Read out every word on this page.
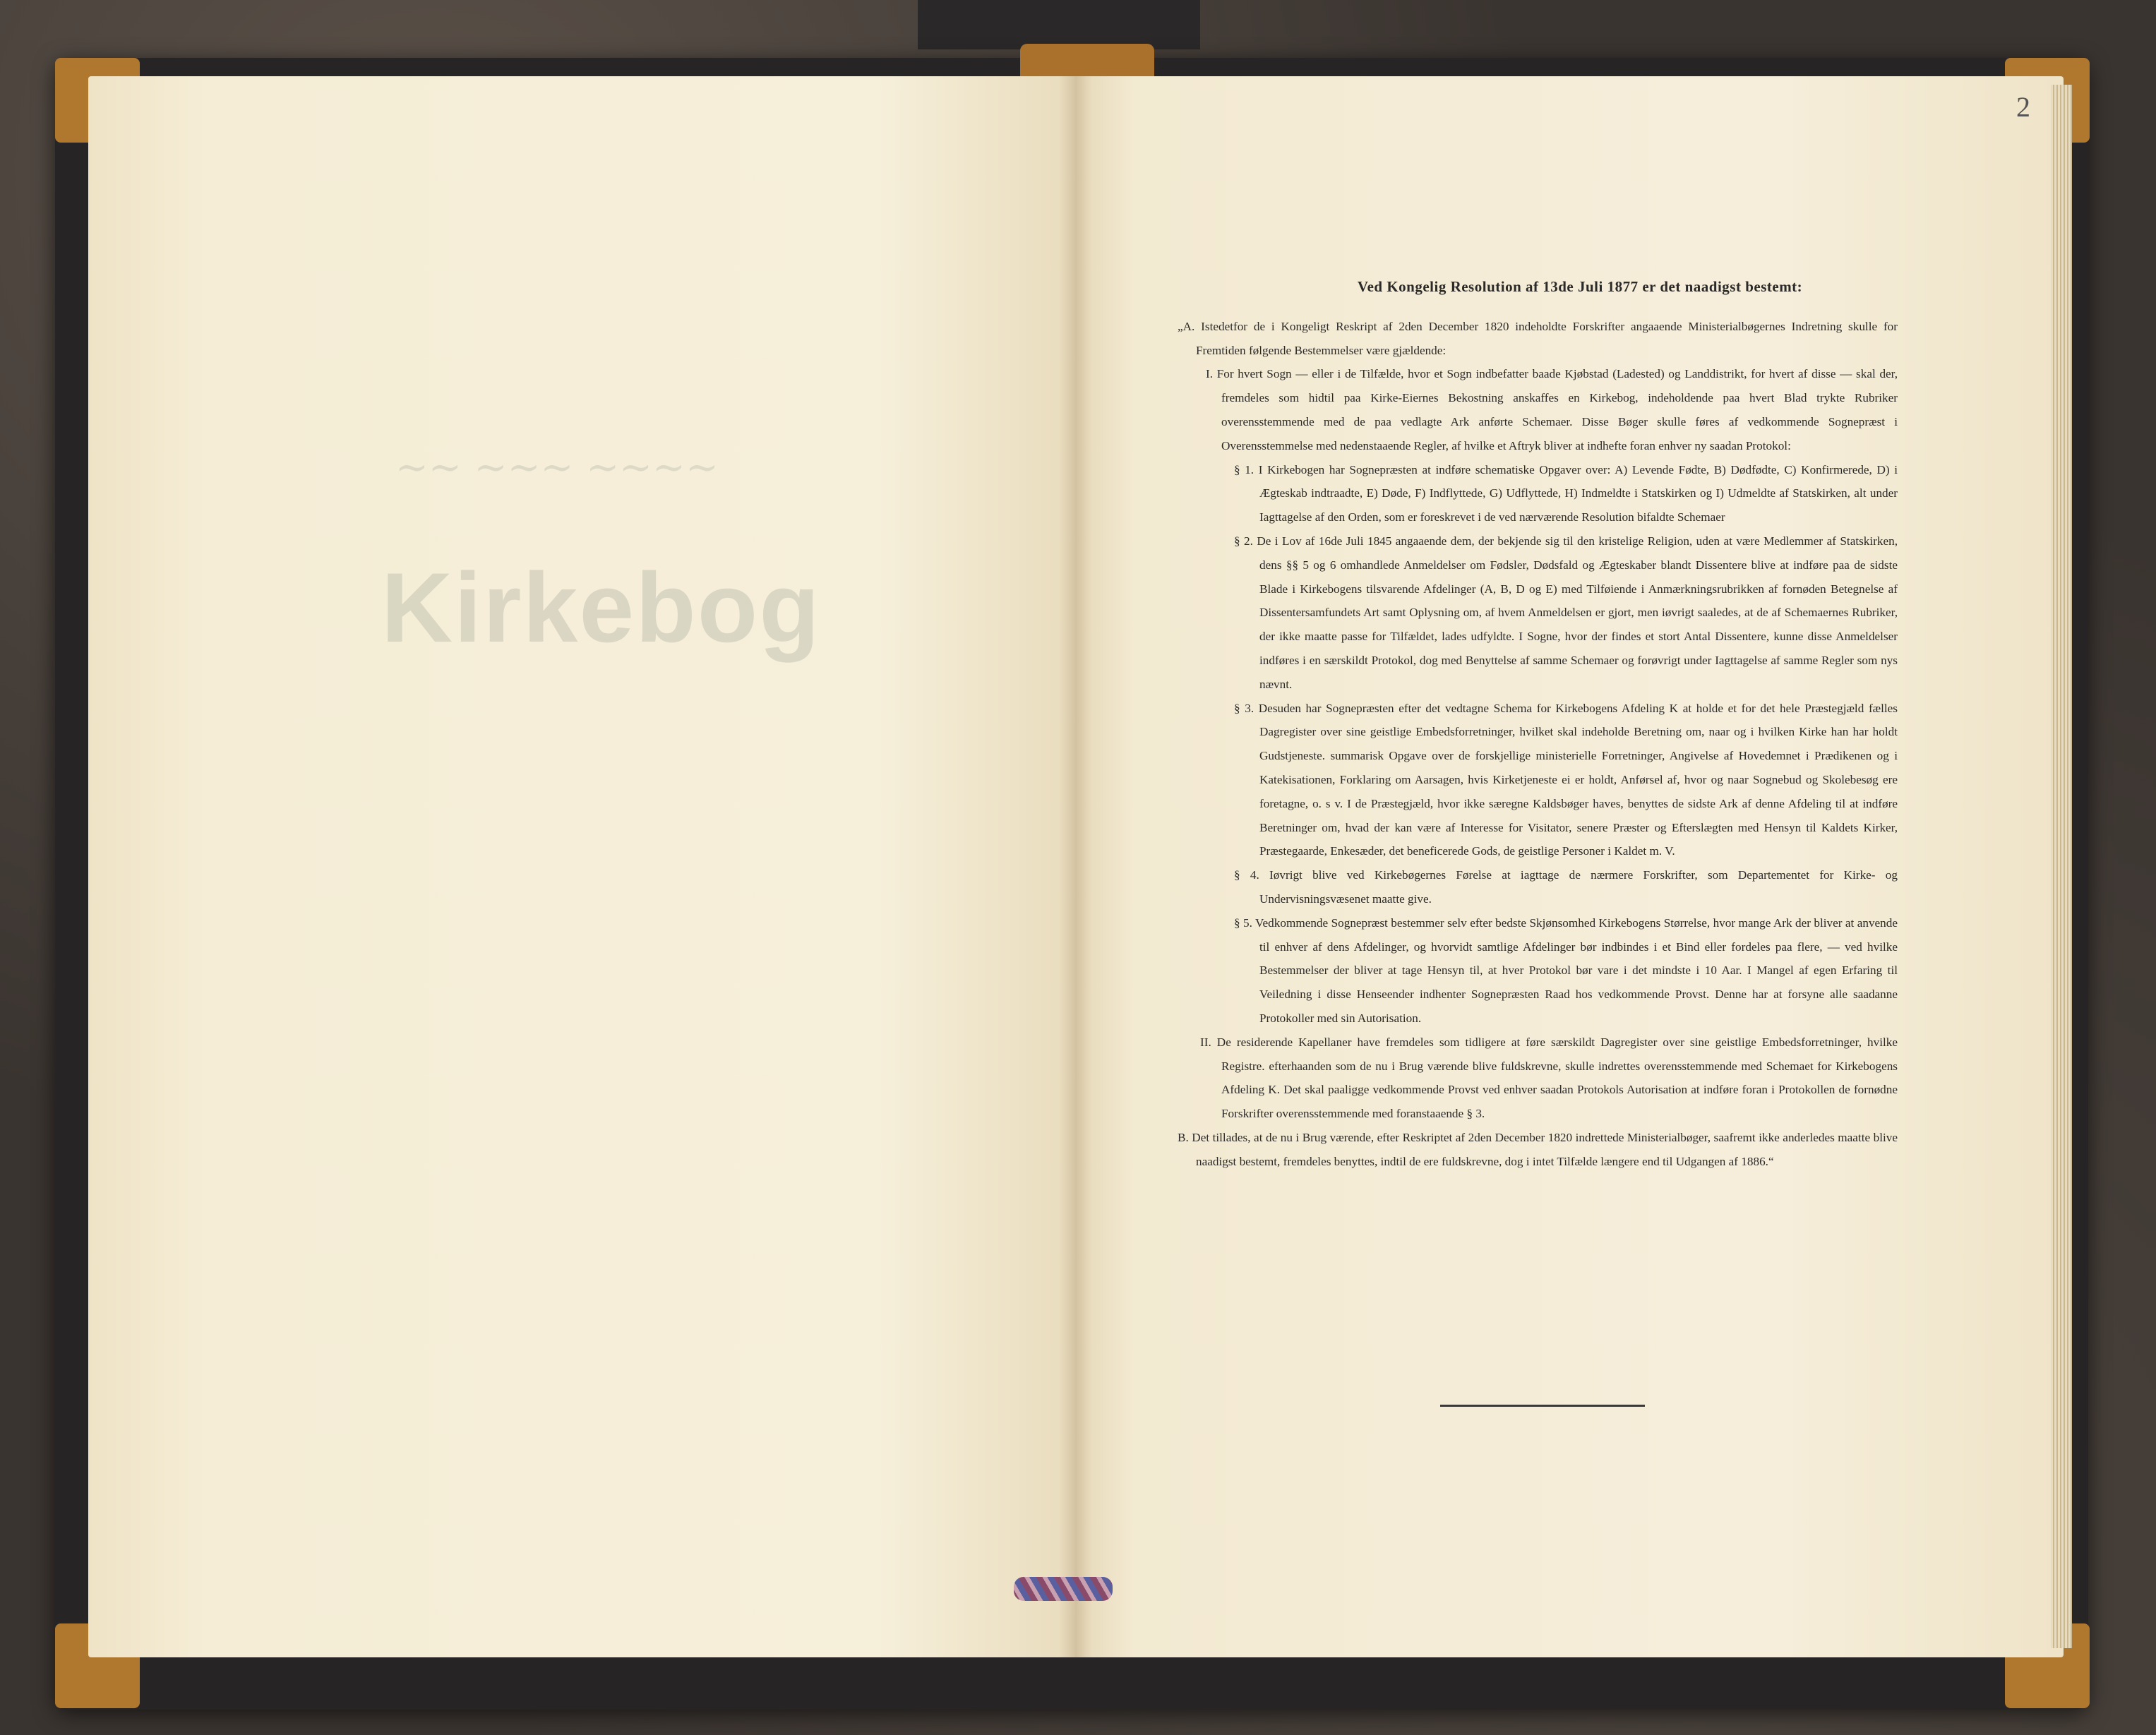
~~ ~~~ ~~~~
Kirkebog
2
Ved Kongelig Resolution af 13de Juli 1877 er det naadigst bestemt:

„A. Istedetfor de i Kongeligt Reskript af 2den December 1820 indeholdte Forskrifter angaaende Ministerialbøgernes Indretning skulle for Fremtiden følgende Bestemmelser være gjældende:

I. For hvert Sogn — eller i de Tilfælde, hvor et Sogn indbefatter baade Kjøbstad (Ladested) og Landdistrikt, for hvert af disse — skal der, fremdeles som hidtil paa Kirke-Eiernes Bekostning anskaffes en Kirkebog, indeholdende paa hvert Blad trykte Rubriker overensstemmende med de paa vedlagte Ark anførte Schemaer. Disse Bøger skulle føres af vedkommende Sognepræst i Overensstemmelse med nedenstaaende Regler, af hvilke et Aftryk bliver at indhefte foran enhver ny saadan Protokol:

§ 1. I Kirkebogen har Sognepræsten at indføre schematiske Opgaver over: A) Levende Fødte, B) Dødfødte, C) Konfirmerede, D) i Ægteskab indtraadte, E) Døde, F) Indflyttede, G) Udflyttede, H) Indmeldte i Statskirken og I) Udmeldte af Statskirken, alt under Iagttagelse af den Orden, som er foreskrevet i de ved nærværende Resolution bifaldte Schemaer

§ 2. De i Lov af 16de Juli 1845 angaaende dem, der bekjende sig til den kristelige Religion, uden at være Medlemmer af Statskirken, dens §§ 5 og 6 omhandlede Anmeldelser om Fødsler, Dødsfald og Ægteskaber blandt Dissentere blive at indføre paa de sidste Blade i Kirkebogens tilsvarende Afdelinger (A, B, D og E) med Tilføiende i Anmærkningsrubrikken af fornøden Betegnelse af Dissentersamfundets Art samt Oplysning om, af hvem Anmeldelsen er gjort, men iøvrigt saaledes, at de af Schemaernes Rubriker, der ikke maatte passe for Tilfældet, lades udfyldte. I Sogne, hvor der findes et stort Antal Dissentere, kunne disse Anmeldelser indføres i en særskildt Protokol, dog med Benyttelse af samme Schemaer og forøvrigt under Iagttagelse af samme Regler som nys nævnt.

§ 3. Desuden har Sognepræsten efter det vedtagne Schema for Kirkebogens Afdeling K at holde et for det hele Præstegjæld fælles Dagregister over sine geistlige Embedsforretninger, hvilket skal indeholde Beretning om, naar og i hvilken Kirke han har holdt Gudstjeneste. summarisk Opgave over de forskjellige ministerielle Forretninger, Angivelse af Hovedemnet i Prædikenen og i Katekisationen, Forklaring om Aarsagen, hvis Kirketjeneste ei er holdt, Anførsel af, hvor og naar Sognebud og Skolebesøg ere foretagne, o. s v. I de Præstegjæld, hvor ikke særegne Kaldsbøger haves, benyttes de sidste Ark af denne Afdeling til at indføre Beretninger om, hvad der kan være af Interesse for Visitator, senere Præster og Efterslægten med Hensyn til Kaldets Kirker, Præstegaarde, Enkesæder, det beneficerede Gods, de geistlige Personer i Kaldet m. V.

§ 4. Iøvrigt blive ved Kirkebøgernes Førelse at iagttage de nærmere Forskrifter, som Departementet for Kirke- og Undervisningsvæsenet maatte give.

§ 5. Vedkommende Sognepræst bestemmer selv efter bedste Skjønsomhed Kirkebogens Størrelse, hvor mange Ark der bliver at anvende til enhver af dens Afdelinger, og hvorvidt samtlige Afdelinger bør indbindes i et Bind eller fordeles paa flere, — ved hvilke Bestemmelser der bliver at tage Hensyn til, at hver Protokol bør vare i det mindste i 10 Aar. I Mangel af egen Erfaring til Veiledning i disse Henseender indhenter Sognepræsten Raad hos vedkommende Provst. Denne har at forsyne alle saadanne Protokoller med sin Autorisation.

II. De residerende Kapellaner have fremdeles som tidligere at føre særskildt Dagregister over sine geistlige Embedsforretninger, hvilke Registre. efterhaanden som de nu i Brug værende blive fuldskrevne, skulle indrettes overensstemmende med Schemaet for Kirkebogens Afdeling K. Det skal paaligge vedkommende Provst ved enhver saadan Protokols Autorisation at indføre foran i Protokollen de fornødne Forskrifter overensstemmende med foranstaaende § 3.

B. Det tillades, at de nu i Brug værende, efter Reskriptet af 2den December 1820 indrettede Ministerialbøger, saafremt ikke anderledes maatte blive naadigst bestemt, fremdeles benyttes, indtil de ere fuldskrevne, dog i intet Tilfælde længere end til Udgangen af 1886.“
